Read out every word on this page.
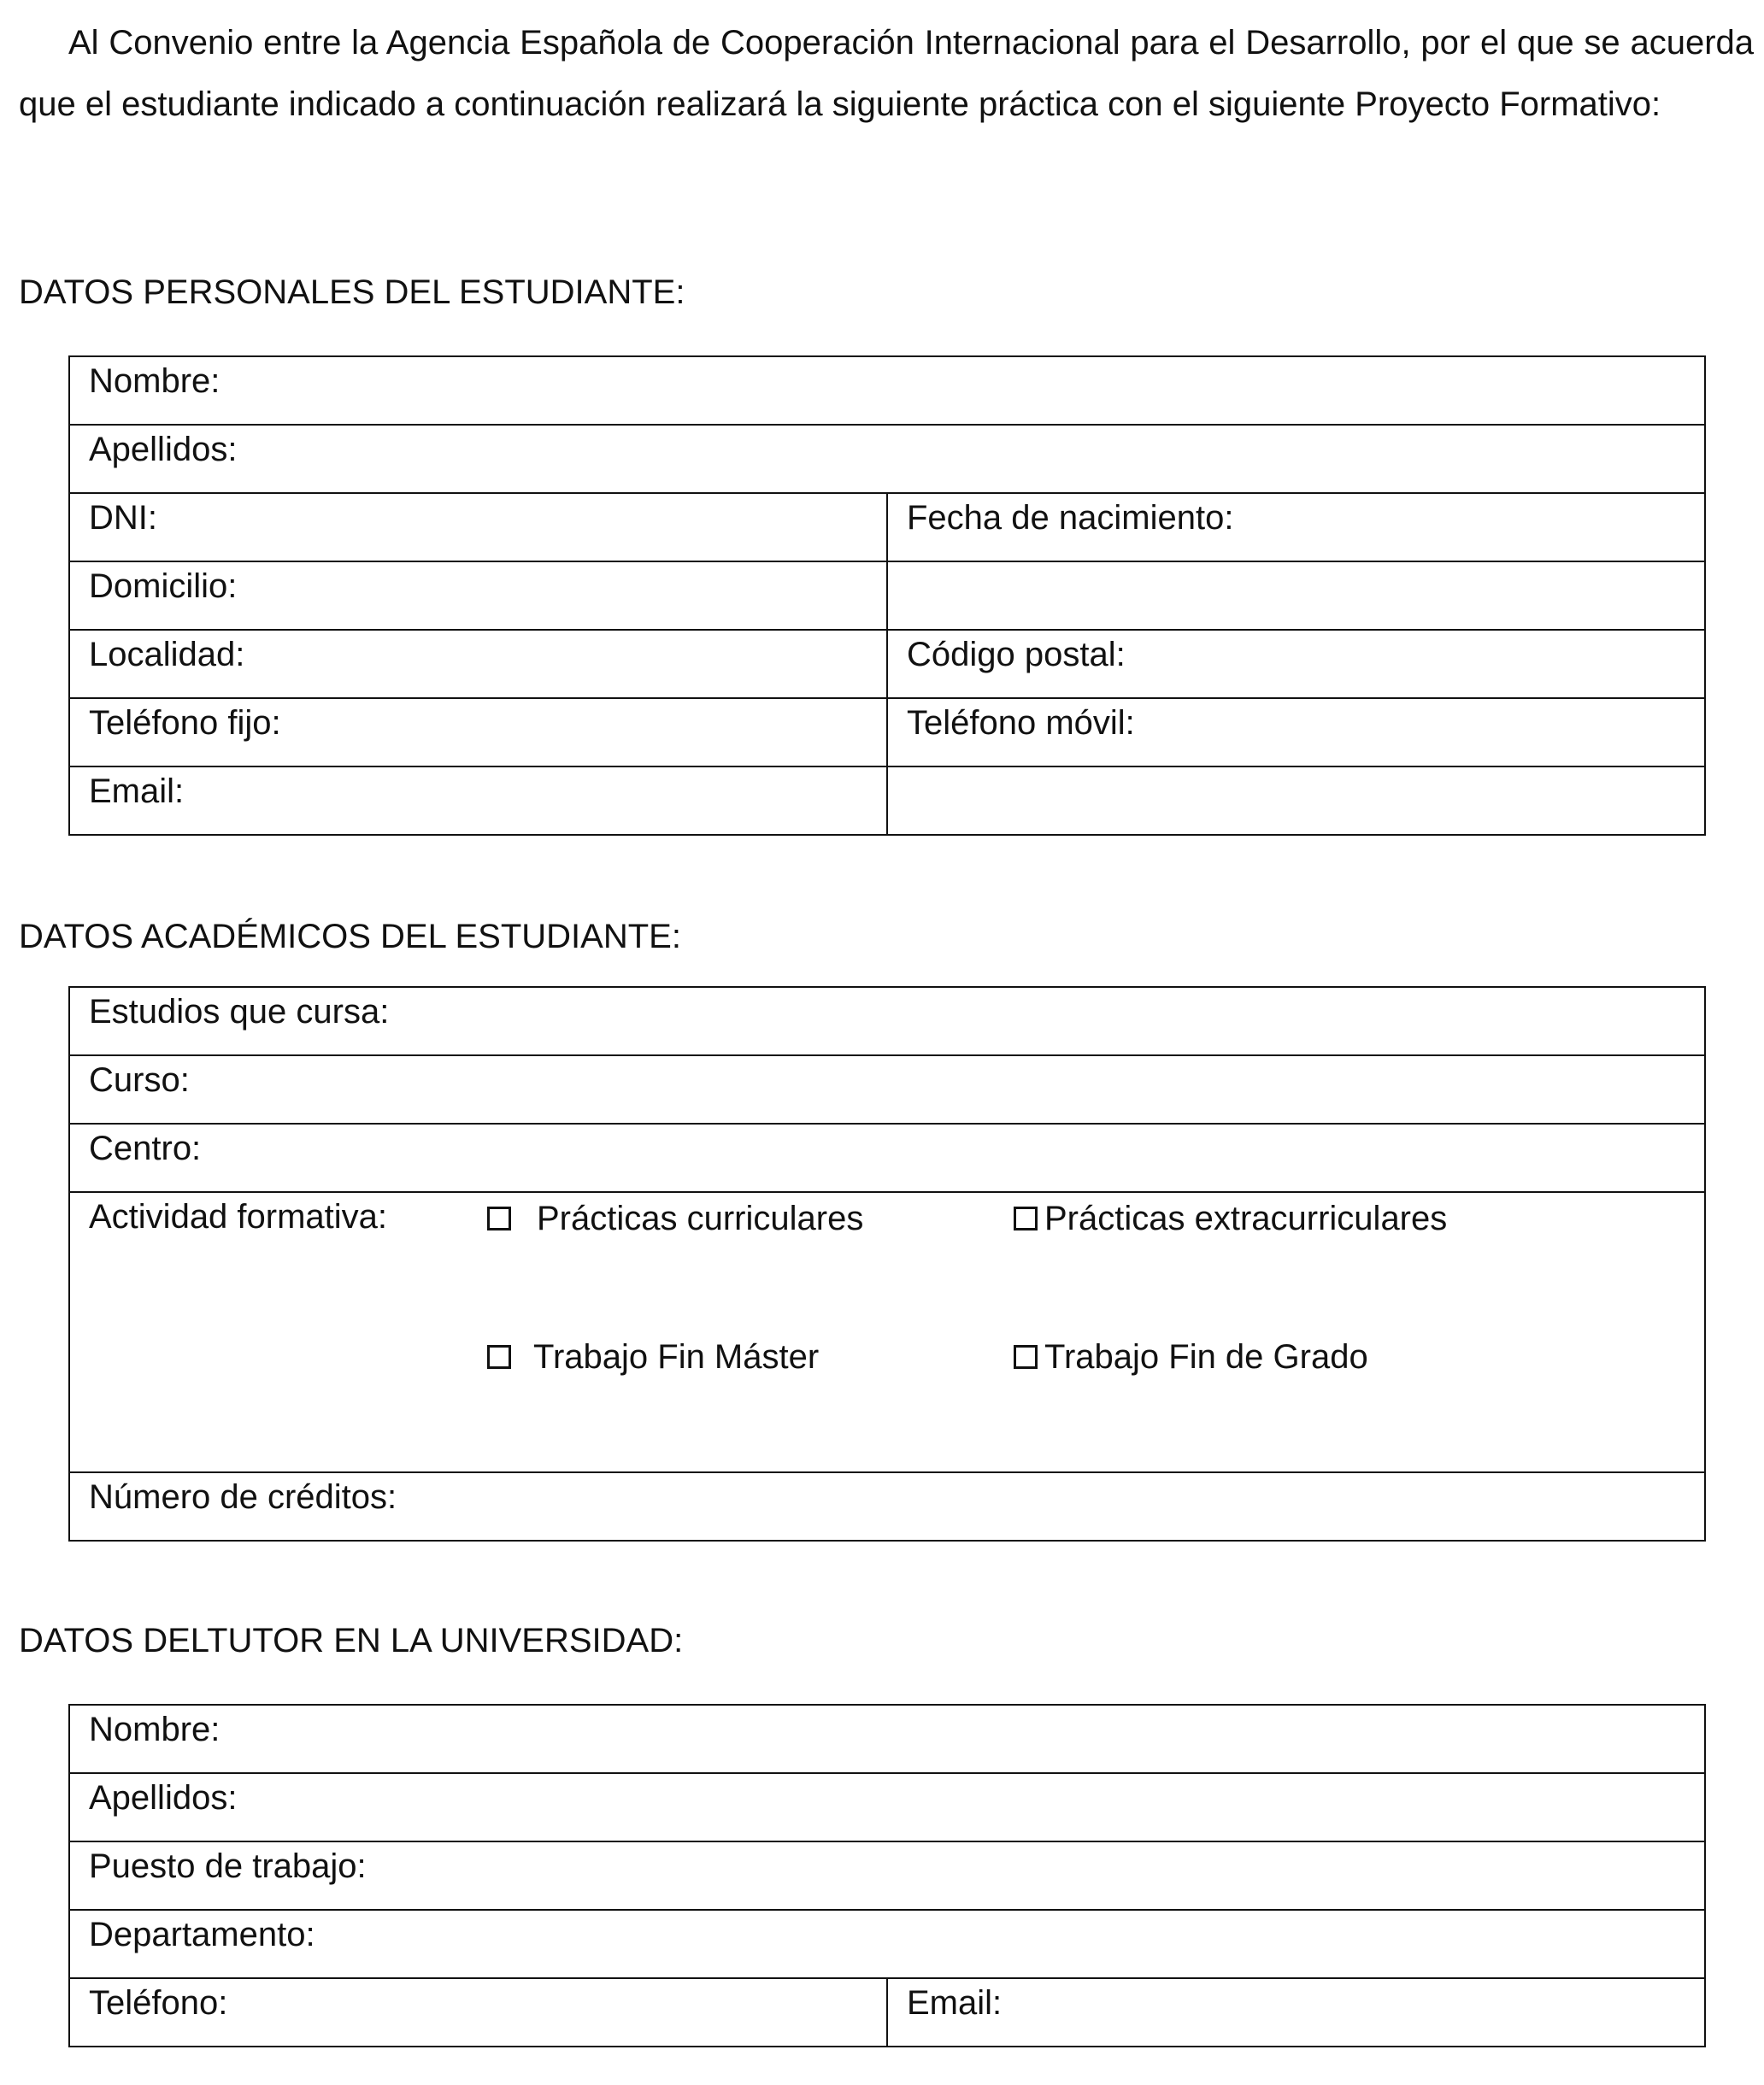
Al Convenio entre la Agencia Española de Cooperación Internacional para el Desarrollo, por el que se acuerda que el estudiante indicado a continuación realizará la siguiente práctica con el siguiente Proyecto Formativo:

DATOS PERSONALES DEL ESTUDIANTE:
Nombre:	
Apellidos:	
DNI:	Fecha de nacimiento:
Domicilio:	
Localidad:	Código postal:
Teléfono fijo:	Teléfono móvil:
Email:	
DATOS ACADÉMICOS DEL ESTUDIANTE:
Estudios que cursa:
Curso:
Centro:
Actividad formativa:	Prácticas curriculares	Prácticas extracurriculares
Trabajo Fin Máster	Trabajo Fin de Grado

Número de créditos:
DATOS DELTUTOR EN LA UNIVERSIDAD:
Nombre:
Apellidos:
Puesto de trabajo:
Departamento:
Teléfono:	Email:
